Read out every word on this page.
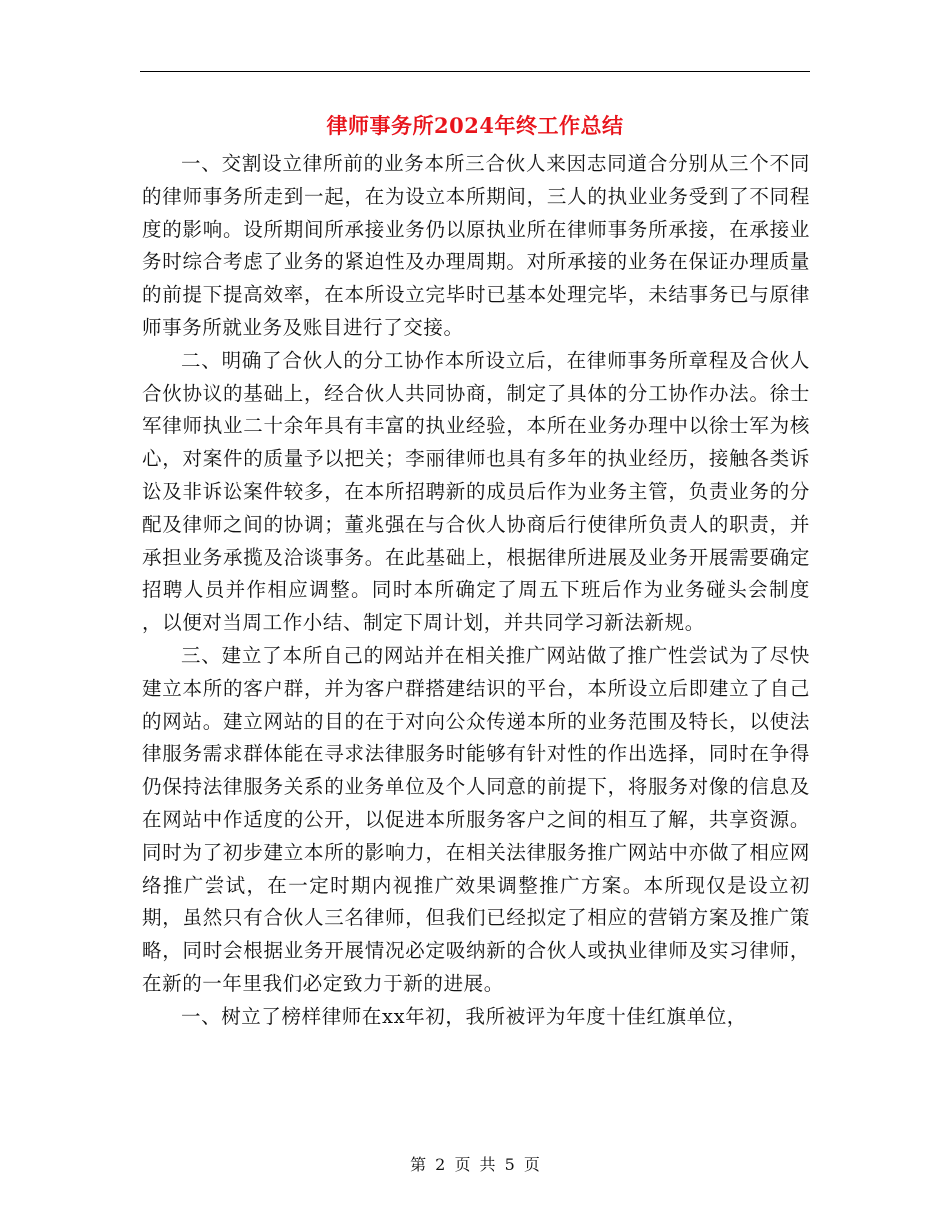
律师事务所2024年终工作总结

一、交割设立律所前的业务本所三合伙人来因志同道合分别从三个不同的律师事务所走到一起，在为设立本所期间，三人的执业业务受到了不同程度的影响。设所期间所承接业务仍以原执业所在律师事务所承接，在承接业务时综合考虑了业务的紧迫性及办理周期。对所承接的业务在保证办理质量的前提下提高效率，在本所设立完毕时已基本处理完毕，未结事务已与原律师事务所就业务及账目进行了交接。

二、明确了合伙人的分工协作本所设立后，在律师事务所章程及合伙人合伙协议的基础上，经合伙人共同协商，制定了具体的分工协作办法。徐士军律师执业二十余年具有丰富的执业经验，本所在业务办理中以徐士军为核心，对案件的质量予以把关；李丽律师也具有多年的执业经历，接触各类诉讼及非诉讼案件较多，在本所招聘新的成员后作为业务主管，负责业务的分配及律师之间的协调；董兆强在与合伙人协商后行使律所负责人的职责，并承担业务承揽及洽谈事务。在此基础上，根据律所进展及业务开展需要确定招聘人员并作相应调整。同时本所确定了周五下班后作为业务碰头会制度 ，以便对当周工作小结、制定下周计划，并共同学习新法新规。

三、建立了本所自己的网站并在相关推广网站做了推广性尝试为了尽快建立本所的客户群，并为客户群搭建结识的平台，本所设立后即建立了自己的网站。建立网站的目的在于对向公众传递本所的业务范围及特长，以使法律服务需求群体能在寻求法律服务时能够有针对性的作出选择，同时在争得仍保持法律服务关系的业务单位及个人同意的前提下，将服务对像的信息及在网站中作适度的公开，以促进本所服务客户之间的相互了解，共享资源。同时为了初步建立本所的影响力，在相关法律服务推广网站中亦做了相应网络推广尝试，在一定时期内视推广效果调整推广方案。本所现仅是设立初期，虽然只有合伙人三名律师，但我们已经拟定了相应的营销方案及推广策略，同时会根据业务开展情况必定吸纳新的合伙人或执业律师及实习律师，在新的一年里我们必定致力于新的进展。

一、树立了榜样律师在xx年初，我所被评为年度十佳红旗单位，

第 2 页 共 5 页
